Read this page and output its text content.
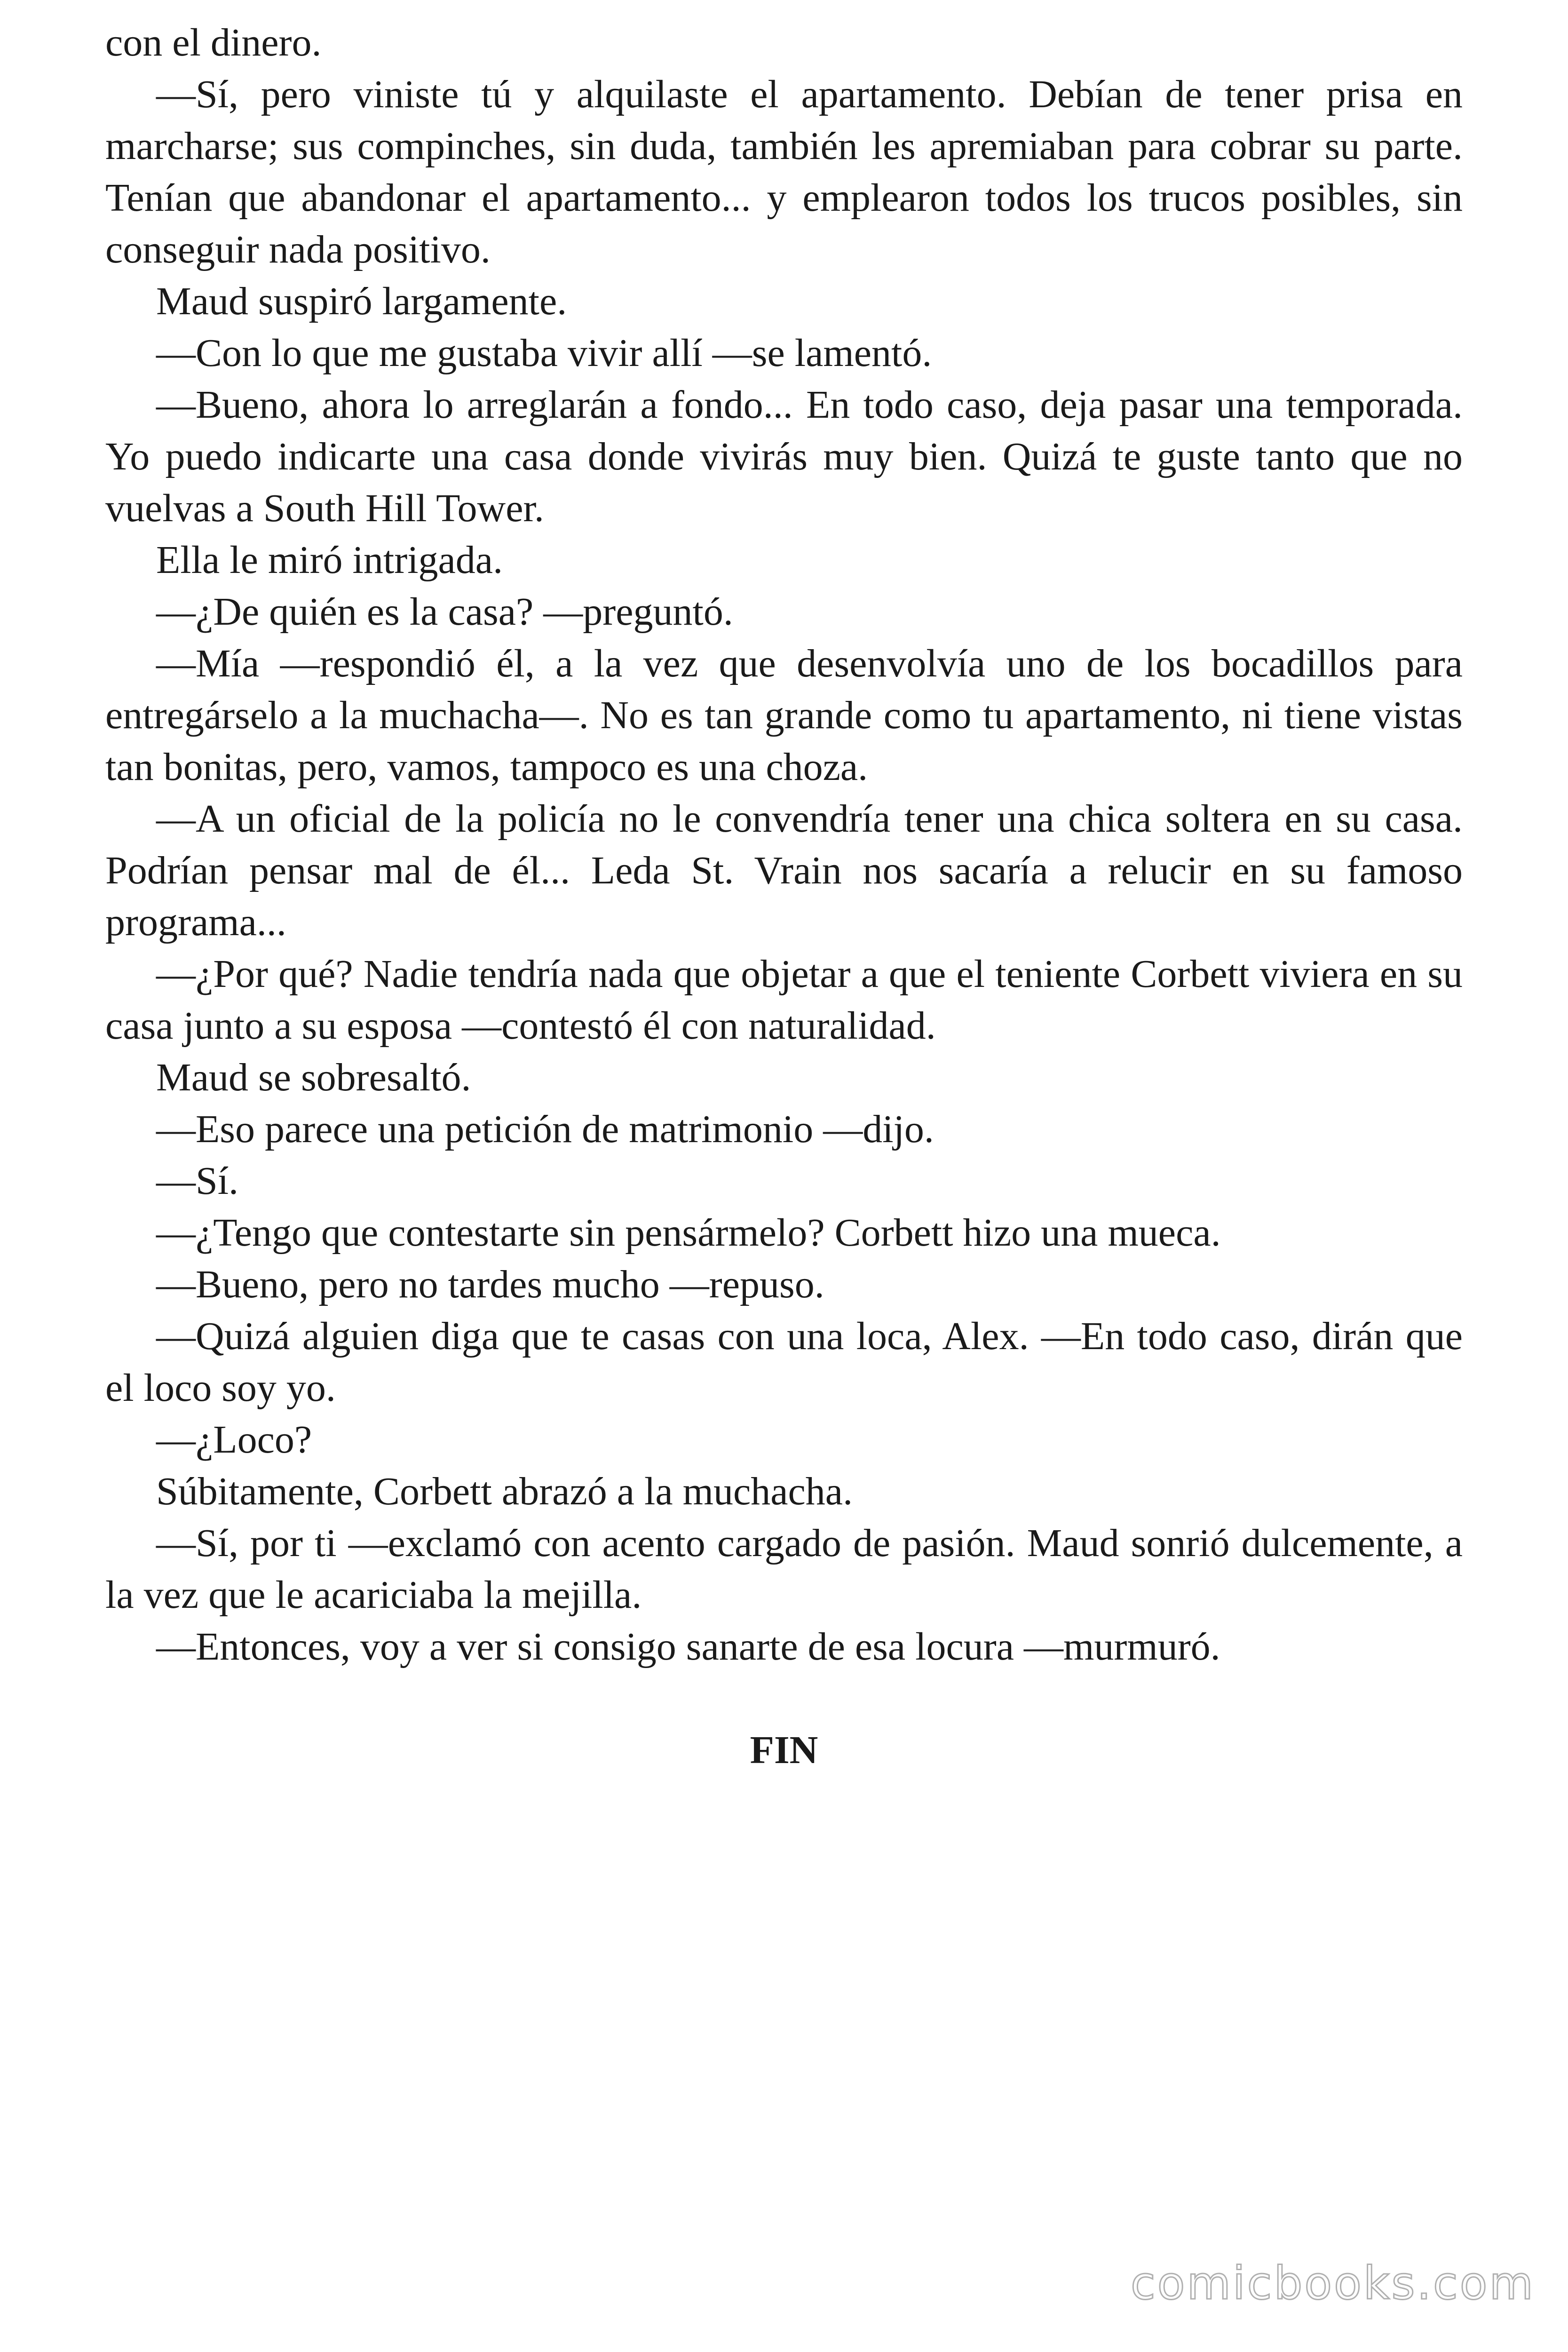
con el dinero.

—Sí, pero viniste tú y alquilaste el apartamento. Debían de tener prisa en marcharse; sus compinches, sin duda, también les apremiaban para cobrar su parte. Tenían que abandonar el apartamento... y emplearon todos los trucos posibles, sin conseguir nada positivo.

Maud suspiró largamente.

—Con lo que me gustaba vivir allí —se lamentó.

—Bueno, ahora lo arreglarán a fondo... En todo caso, deja pasar una temporada. Yo puedo indicarte una casa donde vivirás muy bien. Quizá te guste tanto que no vuelvas a South Hill Tower.

Ella le miró intrigada.

—¿De quién es la casa? —preguntó.

—Mía —respondió él, a la vez que desenvolvía uno de los bocadillos para entregárselo a la muchacha—. No es tan grande como tu apartamento, ni tiene vistas tan bonitas, pero, vamos, tampoco es una choza.

—A un oficial de la policía no le convendría tener una chica soltera en su casa. Podrían pensar mal de él... Leda St. Vrain nos sacaría a relucir en su famoso programa...

—¿Por qué? Nadie tendría nada que objetar a que el teniente Corbett viviera en su casa junto a su esposa —contestó él con naturalidad.

Maud se sobresaltó.

—Eso parece una petición de matrimonio —dijo.

—Sí.

—¿Tengo que contestarte sin pensármelo? Corbett hizo una mueca.

—Bueno, pero no tardes mucho —repuso.

—Quizá alguien diga que te casas con una loca, Alex. —En todo caso, dirán que el loco soy yo.

—¿Loco?

Súbitamente, Corbett abrazó a la muchacha.

—Sí, por ti —exclamó con acento cargado de pasión. Maud sonrió dulcemente, a la vez que le acariciaba la mejilla.

—Entonces, voy a ver si consigo sanarte de esa locura —murmuró.

FIN
comicbooks.com
